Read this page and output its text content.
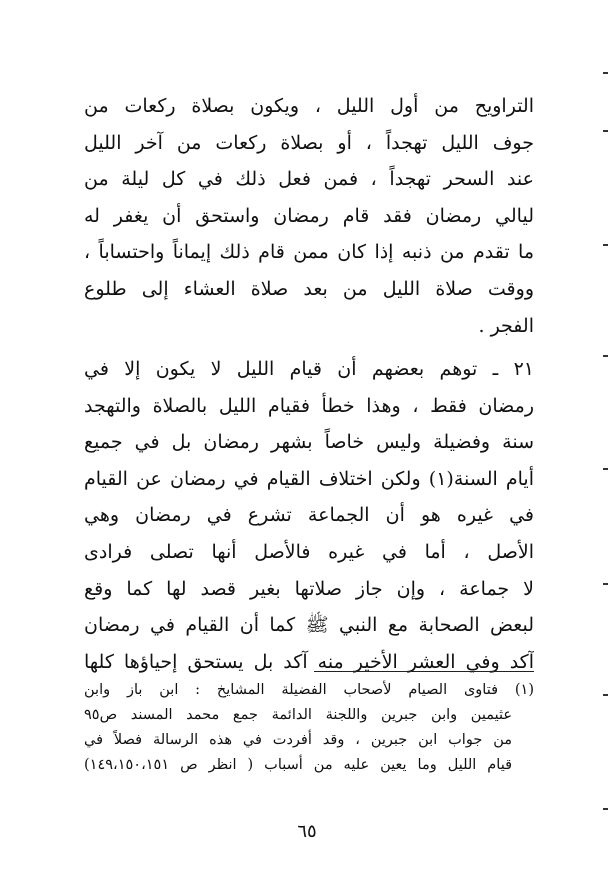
التراويح من أول الليل ، ويكون بصلاة ركعات من
جوف الليل تهجداً ، أو بصلاة ركعات من آخر الليل
عند السحر تهجداً ، فمن فعل ذلك في كل ليلة من
ليالي رمضان فقد قام رمضان واستحق أن يغفر له
ما تقدم من ذنبه إذا كان ممن قام ذلك إيماناً واحتساباً ،
ووقت صلاة الليل من بعد صلاة العشاء إلى طلوع
الفجر .
٢١ ـ توهم بعضهم أن قيام الليل لا يكون إلا في
رمضان فقط ، وهذا خطأ فقيام الليل بالصلاة والتهجد
سنة وفضيلة وليس خاصاً بشهر رمضان بل في جميع
أيام السنة(١) ولكن اختلاف القيام في رمضان عن القيام
في غيره هو أن الجماعة تشرع في رمضان وهي
الأصل ، أما في غيره فالأصل أنها تصلى فرادى
لا جماعة ، وإن جاز صلاتها بغير قصد لها كما وقع
لبعض الصحابة مع النبي ﷺ كما أن القيام في رمضان
آكد وفي العشر الأخير منه آكد بل يستحق إحياؤها كلها
(١) فتاوى الصيام لأصحاب الفضيلة المشايخ : ابن باز وابن
عثيمين وابن جبرين واللجنة الدائمة جمع محمد المسند ص٩٥
من جواب ابن جبرين ، وقد أفردت في هذه الرسالة فصلاً في
قيام الليل وما يعين عليه من أسباب ( انظر ص ١٤٩،١٥٠،١٥١)
٦٥
